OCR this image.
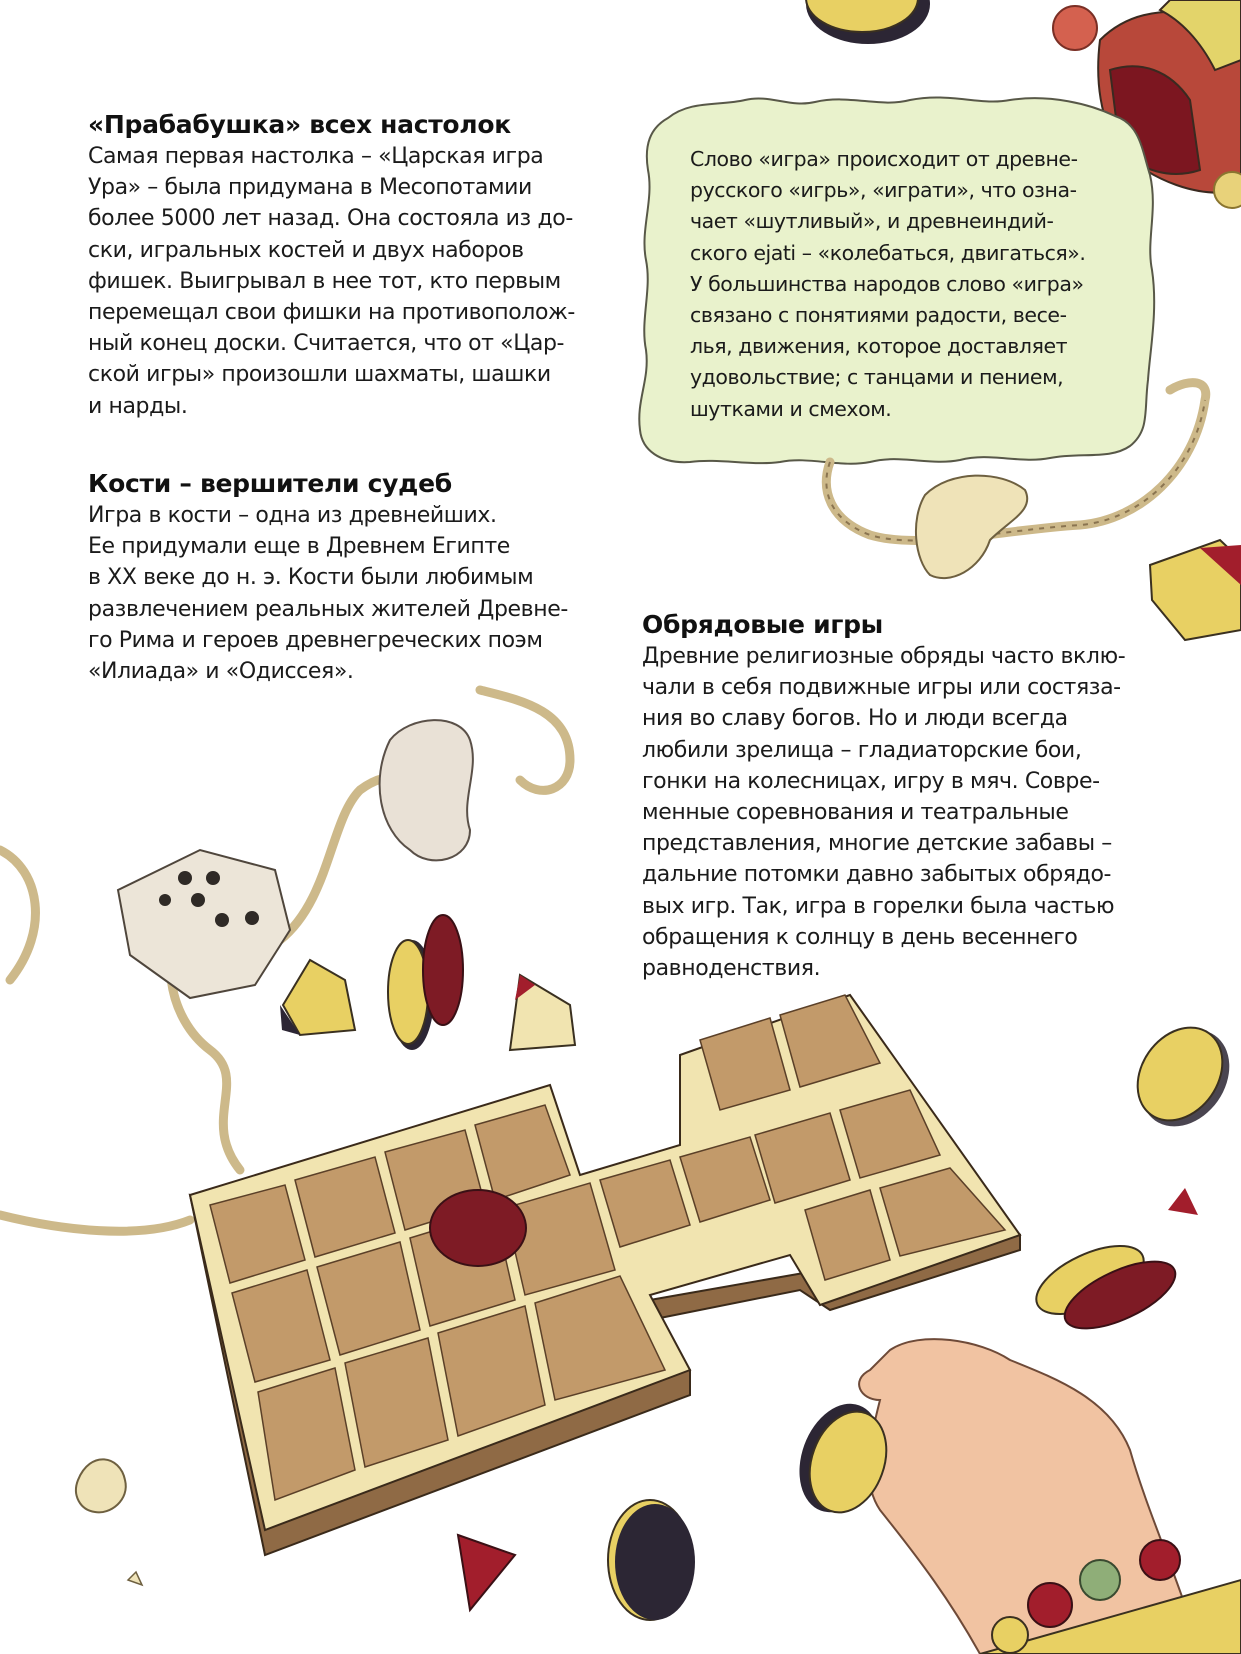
«Прабабушка» всех настолок

Самая первая настолка – «Царская игра
Ура» – была придумана в Месопотамии
более 5000 лет назад. Она состояла из до-
ски, игральных костей и двух наборов
фишек. Выигрывал в нее тот, кто первым
перемещал свои фишки на противополож-
ный конец доски. Считается, что от «Цар-
ской игры» произошли шахматы, шашки
и нарды.

Кости – вершители судеб

Игра в кости – одна из древнейших.
Ее придумали еще в Древнем Египте
в XX веке до н. э. Кости были любимым
развлечением реальных жителей Древне-
го Рима и героев древнегреческих поэм
«Илиада» и «Одиссея».

Обрядовые игры

Древние религиозные обряды часто вклю-
чали в себя подвижные игры или состяза-
ния во славу богов. Но и люди всегда
любили зрелища – гладиаторские бои,
гонки на колесницах, игру в мяч. Совре-
менные соревнования и театральные
представления, многие детские забавы –
дальние потомки давно забытых обрядо-
вых игр. Так, игра в горелки была частью
обращения к солнцу в день весеннего
равноденствия.

Слово «игра» происходит от древне-
русского «игрь», «играти», что озна-
чает «шутливый», и древнеиндий-
ского ejati – «колебаться, двигаться».
У большинства народов слово «игра»
связано с понятиями радости, весе-
лья, движения, которое доставляет
удовольствие; с танцами и пением,
шутками и смехом.
